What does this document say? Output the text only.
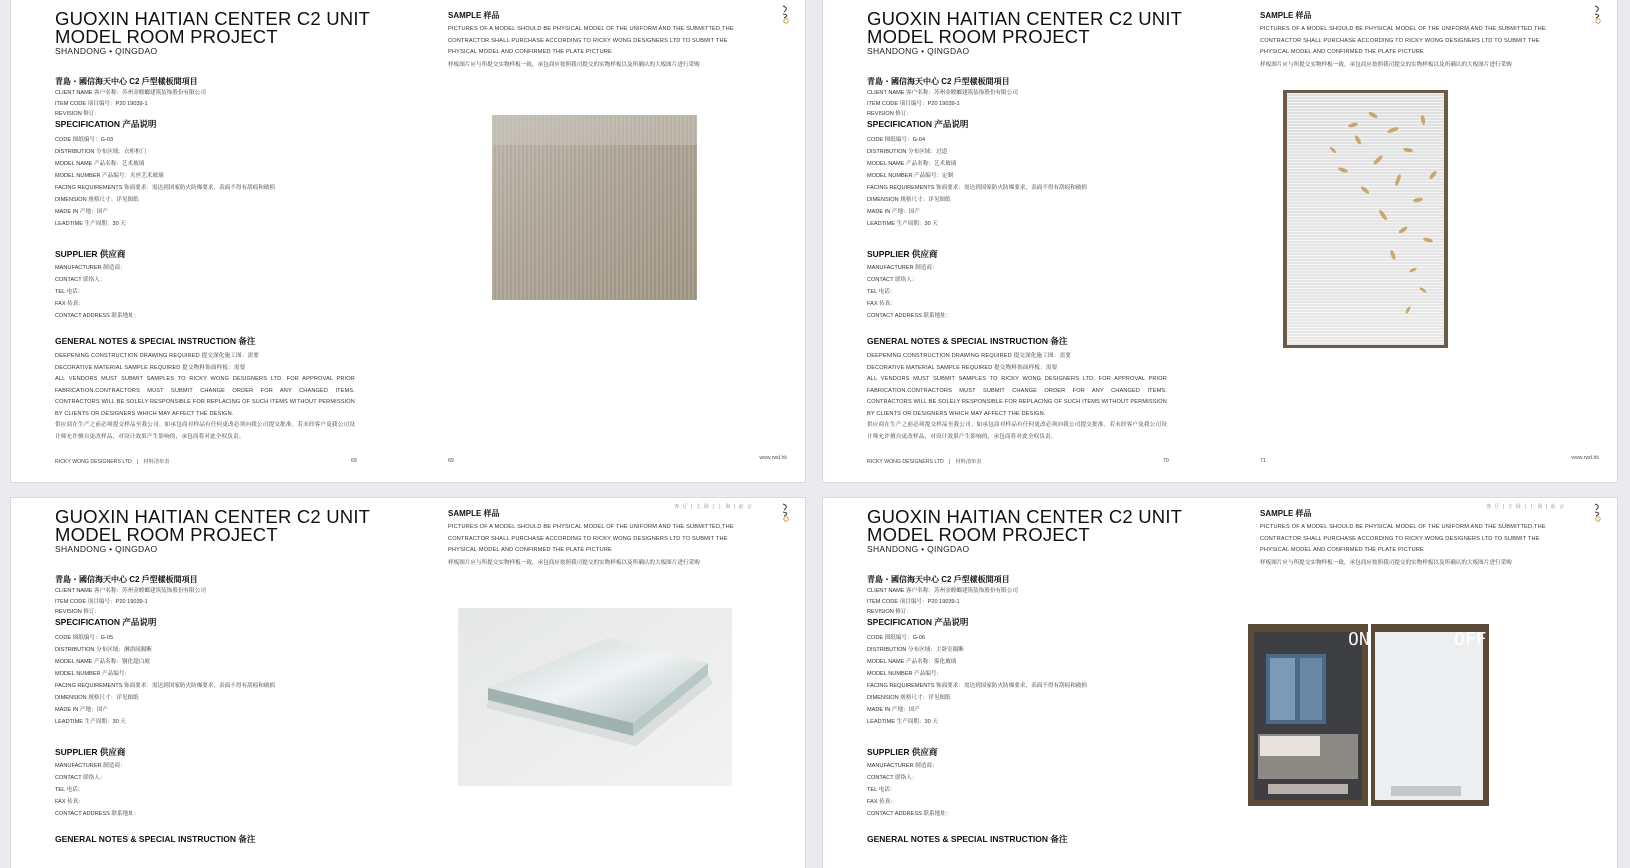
GUOXIN HAITIAN CENTER C2 UNIT
MODEL ROOM PROJECT
SHANDONG • QINGDAO
青島・國信海天中心 C2 戶型樣板間項目
CLIENT NAME 客户名称：苏州金螳螂建筑装饰股份有限公司
ITEM CODE 项目编号：P20 19039-1
REVISION 修订：
SPECIFICATION 产品说明
CODE 图纸编号：G-03
DISTRIBUTION 分布区域：衣柜柜门
MODEL NAME 产品名称：艺术玻璃
MODEL NUMBER 产品编号：夹丝艺术玻璃
FACING REQUIREMENTS 饰面要求：需达到国家防火防爆要求，表面不得有刮痕和破损
DIMENSION 规格尺寸：详见图纸
MADE IN 产地：国产
LEADTIME 生产周期：30 天
SUPPLIER 供应商
MANUFACTURER 制造商：
CONTACT 联络人：
TEL 电话：
FAX 传真：
CONTACT ADDRESS 联系地址：
GENERAL NOTES & SPECIAL INSTRUCTION 备注
DEEPENING CONSTRUCTION DRAWING REQUIRED 提交深化施工图：需要
DECORATIVE MATERIAL SAMPLE REQUIRED 提交物料饰面样板：需要
ALL VENDORS MUST SUBMIT SAMPLES TO RICKY WONG DESIGNERS LTD. FOR APPROVAL PRIOR FABRICATION.CONTRACTORS MUST SUBMIT CHANGE ORDER FOR ANY CHANGED ITEMS. CONTRACTORS WILL BE SOLELY RESPONSIBLE FOR REPLACING OF SUCH ITEMS WITHOUT PERMISSION BY CLIENTS OR DESIGNERS WHICH MAY AFFECT THE DESIGN.
供应商在生产之前必须提交样品至我公司。如承包商对样品有任何更改必须向我公司提交批准。若未经客户及我公司设计师允许擅自更改样品，对设计效果产生影响的，承包商将对此全权负责。
RICKY WONG DESIGNERS LTD　|　材料清单表	69
SAMPLE 样品
PICTURES OF A MODEL SHOULD BE PHYSICAL MODEL OF THE UNIFORM AND THE SUBMITTED,THE CONTRACTOR SHALL PURCHASE ACCORDING TO RICKY WONG DESIGNERS LTD TO SUBMIT THE PHYSICAL MODEL AND CONFIRMED THE PLATE PICTURE
样板图片应与所提交实物样板一致，承包商应按照我司提交的实物样板以及所确认的大板图片进行采购
69	www.rwd.hk
GUOXIN HAITIAN CENTER C2 UNIT
MODEL ROOM PROJECT
SHANDONG • QINGDAO
青島・國信海天中心 C2 戶型樣板間項目
CLIENT NAME 客户名称：苏州金螳螂建筑装饰股份有限公司
ITEM CODE 项目编号：P20 19039-1
REVISION 修订：
SPECIFICATION 产品说明
CODE 图纸编号：G-04
DISTRIBUTION 分布区域：过道
MODEL NAME 产品名称：艺术玻璃
MODEL NUMBER 产品编号：定制
FACING REQUIREMENTS 饰面要求：需达到国家防火防爆要求，表面不得有刮痕和破损
DIMENSION 规格尺寸：详见图纸
MADE IN 产地：国产
LEADTIME 生产周期：30 天
SUPPLIER 供应商
MANUFACTURER 制造商：
CONTACT 联络人：
TEL 电话：
FAX 传真：
CONTACT ADDRESS 联系地址：
GENERAL NOTES & SPECIAL INSTRUCTION 备注
DEEPENING CONSTRUCTION DRAWING REQUIRED 提交深化施工图：需要
DECORATIVE MATERIAL SAMPLE REQUIRED 提交物料饰面样板：需要
ALL VENDORS MUST SUBMIT SAMPLES TO RICKY WONG DESIGNERS LTD. FOR APPROVAL PRIOR FABRICATION.CONTRACTORS MUST SUBMIT CHANGE ORDER FOR ANY CHANGED ITEMS. CONTRACTORS WILL BE SOLELY RESPONSIBLE FOR REPLACING OF SUCH ITEMS WITHOUT PERMISSION BY CLIENTS OR DESIGNERS WHICH MAY AFFECT THE DESIGN.
供应商在生产之前必须提交样品至我公司。如承包商对样品有任何更改必须向我公司提交批准。若未经客户及我公司设计师允许擅自更改样品，对设计效果产生影响的，承包商将对此全权负责。
RICKY WONG DESIGNERS LTD　|　材料清单表	70
SAMPLE 样品
PICTURES OF A MODEL SHOULD BE PHYSICAL MODEL OF THE UNIFORM AND THE SUBMITTED,THE CONTRACTOR SHALL PURCHASE ACCORDING TO RICKY WONG DESIGNERS LTD TO SUBMIT THE PHYSICAL MODEL AND CONFIRMED THE PLATE PICTURE
样板图片应与所提交实物样板一致，承包商应按照我司提交的实物样板以及所确认的大板图片进行采购
71	www.rwd.hk
GUOXIN HAITIAN CENTER C2 UNIT
MODEL ROOM PROJECT
SHANDONG • QINGDAO
青島・國信海天中心 C2 戶型樣板間項目
CLIENT NAME 客户名称：苏州金螳螂建筑装饰股份有限公司
ITEM CODE 项目编号：P20 19039-1
REVISION 修订：
SPECIFICATION 产品说明
CODE 图纸编号：G-05
DISTRIBUTION 分布区域：淋浴间隔断
MODEL NAME 产品名称：钢化超白玻
MODEL NUMBER 产品编号：
FACING REQUIREMENTS 饰面要求：需达到国家防火防爆要求，表面不得有刮痕和破损
DIMENSION 规格尺寸：详见图纸
MADE IN 产地：国产
LEADTIME 生产周期：30 天
SUPPLIER 供应商
MANUFACTURER 制造商：
CONTACT 联络人：
TEL 电话：
FAX 传真：
CONTACT ADDRESS 联系地址：
GENERAL NOTES & SPECIAL INSTRUCTION 备注
客 厅 | 主 卧 | 上 海 | 前 言
SAMPLE 样品
PICTURES OF A MODEL SHOULD BE PHYSICAL MODEL OF THE UNIFORM AND THE SUBMITTED,THE CONTRACTOR SHALL PURCHASE ACCORDING TO RICKY WONG DESIGNERS LTD TO SUBMIT THE PHYSICAL MODEL AND CONFIRMED THE PLATE PICTURE
样板图片应与所提交实物样板一致，承包商应按照我司提交的实物样板以及所确认的大板图片进行采购
GUOXIN HAITIAN CENTER C2 UNIT
MODEL ROOM PROJECT
SHANDONG • QINGDAO
青島・國信海天中心 C2 戶型樣板間項目
CLIENT NAME 客户名称：苏州金螳螂建筑装饰股份有限公司
ITEM CODE 项目编号：P20 19039-1
REVISION 修订：
SPECIFICATION 产品说明
CODE 图纸编号：G-06
DISTRIBUTION 分布区域：主卧室隔断
MODEL NAME 产品名称：雾化玻璃
MODEL NUMBER 产品编号：
FACING REQUIREMENTS 饰面要求：需达到国家防火防爆要求，表面不得有刮痕和破损
DIMENSION 规格尺寸：详见图纸
MADE IN 产地：国产
LEADTIME 生产周期：30 天
SUPPLIER 供应商
MANUFACTURER 制造商：
CONTACT 联络人：
TEL 电话：
FAX 传真：
CONTACT ADDRESS 联系地址：
GENERAL NOTES & SPECIAL INSTRUCTION 备注
客 厅 | 主 卧 | 上 海 | 前 言
SAMPLE 样品
PICTURES OF A MODEL SHOULD BE PHYSICAL MODEL OF THE UNIFORM AND THE SUBMITTED,THE CONTRACTOR SHALL PURCHASE ACCORDING TO RICKY WONG DESIGNERS LTD TO SUBMIT THE PHYSICAL MODEL AND CONFIRMED THE PLATE PICTURE
样板图片应与所提交实物样板一致，承包商应按照我司提交的实物样板以及所确认的大板图片进行采购
ON	OFF
